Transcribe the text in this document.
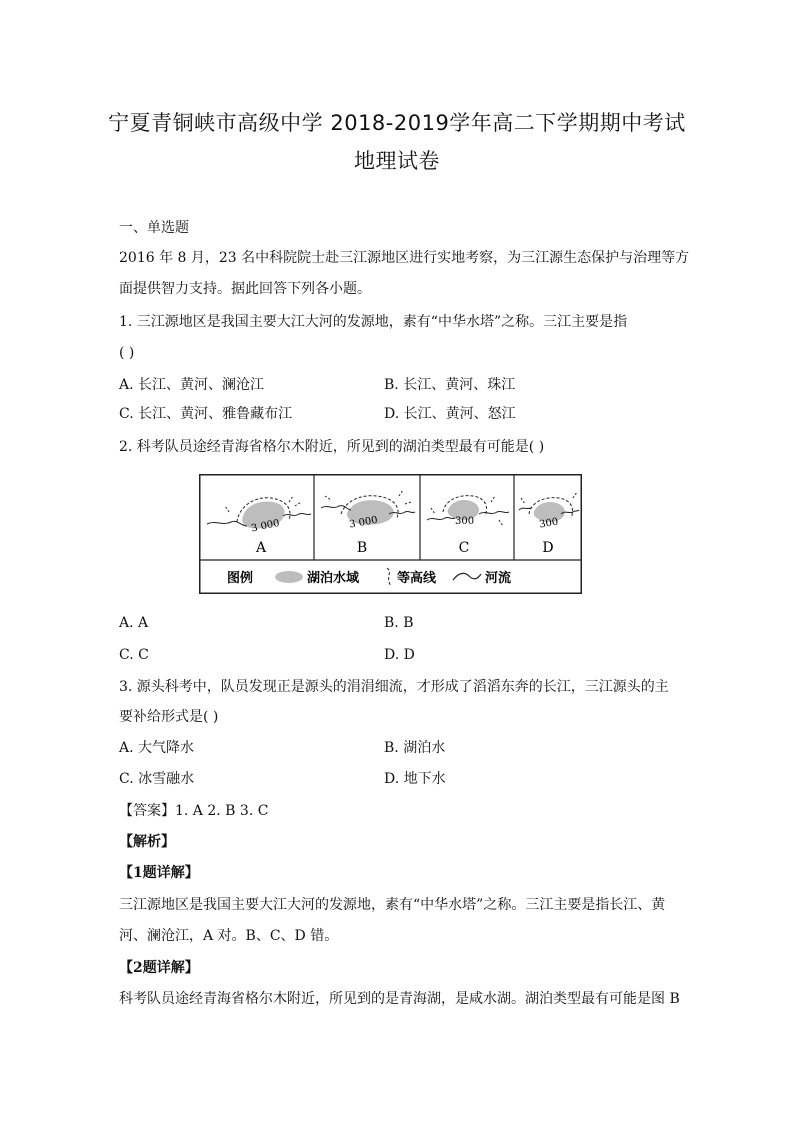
宁夏青铜峡市高级中学 2018-2019学年高二下学期期中考试
地理试卷
一、单选题
2016 年 8 月，23 名中科院院士赴三江源地区进行实地考察，为三江源生态保护与治理等方
面提供智力支持。据此回答下列各小题。
1. 三江源地区是我国主要大江大河的发源地，素有“中华水塔”之称。三江主要是指
( )
A. 长江、黄河、澜沧江	B. 长江、黄河、珠江
C. 长江、黄河、雅鲁藏布江	D. 长江、黄河、怒江
2. 科考队员途经青海省格尔木附近，所见到的湖泊类型最有可能是( )
3 000
A
3 000
B
300
C
300
D
图例	湖泊水域	等高线	河流
A. A	B. B
C. C	D. D
3. 源头科考中，队员发现正是源头的涓涓细流，才形成了滔滔东奔的长江，三江源头的主
要补给形式是( )
A. 大气降水	B. 湖泊水
C. 冰雪融水	D. 地下水
【答案】1. A 2. B 3. C
【解析】
【1题详解】
三江源地区是我国主要大江大河的发源地，素有“中华水塔”之称。三江主要是指长江、黄
河、澜沧江，A 对。B、C、D 错。
【2题详解】
科考队员途经青海省格尔木附近，所见到的是青海湖，是咸水湖。湖泊类型最有可能是图 B
